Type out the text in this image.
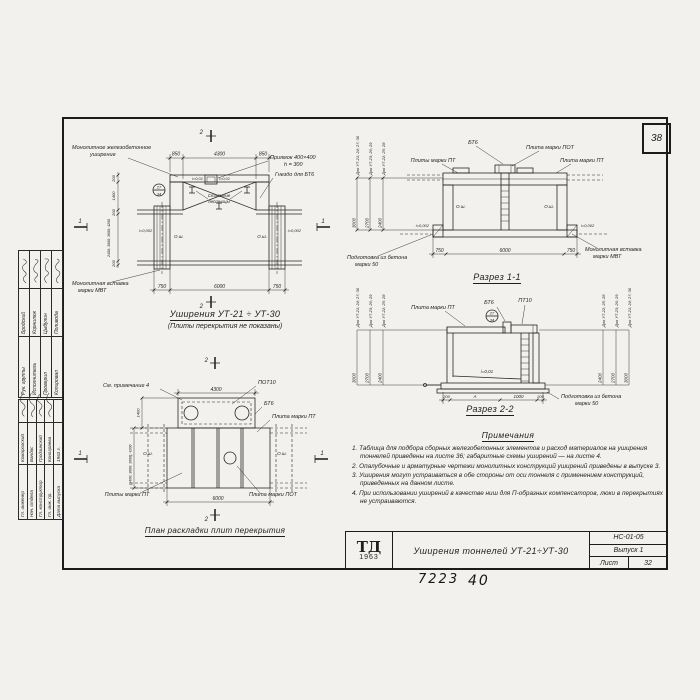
38
2
850	4300	850
i=0,01	i=0,01
О.ш.	О.ш.
i=0,002	i=0,002
750	6000	750
2
1	1
27
34
200
1400
200
2400; 3000; 3600; 4200
200
Монолитное железобетонное
уширение	Приямок 400×400
h = 300
Гнездо для БТ6
Стальные
лестницы
Монолитная вставка
марки МВТ
Уширения УТ-21 ÷ УТ-30
(Плиты перекрытия не показаны)
Для УТ-21; 24; 27; 30 Для УТ-23; 26; 29 Для УТ-22; 25; 28
3000 2700 2400
О.ш.	О.ш.
i=0,002	i=0,002
750	6000	750
БТ6
Плита марки ПОТ
Плиты марки ПТ	Плита марки ПТ
Подготовка из бетона
марки 50
Монолитная вставка
марки МВТ
Разрез 1-1
Для УТ-21; 24; 27; 30 Для УТ-23; 26; 29 Для УТ-22; 25; 28
3000 2700 2400
Для УТ-22; 25; 28 Для УТ-23; 26; 29 Для УТ-21; 24; 27; 30
2400 2700 3000
27
34
i=0,01
200	А	1000	200
Плита марки ПТ
БТ6	ПТ10
Подготовка из бетона
марки 50
Разрез 2-2
2
2
4300
О.ш.	О.ш.
1	1
6000
1400
(2400; 3000; 3600); 4200
См. примечание 4	ПОТ10
БТ6
Плита марки ПТ
Плиты марки ПТ	Плита марки ПОТ
План раскладки плит перекрытия
Примечания
1. Таблица для подбора сборных железобетонных элементов и расход материалов на уширения тоннелей приведены на листе 36; габаритные схемы уширений — на листе 4.
2. Опалубочные и арматурные чертежи монолитных конструкций уширений приведены в выпуске 3.
3. Уширения могут устраиваться в обе стороны от оси тоннеля с применением конструкций, приведенных на данном листе.
4. При использовании уширений в качестве ниш для П-образных компенсаторов, люки в перекрытиях не устраиваются.
ТД
1963
Уширения тоннелей УТ-21÷УТ-30
НС-01-05
Выпуск 1
Лист	32
7223 40
Рук. группы
Бродский
Исполнитель
Корнилюк
Проверил
Цыбулин
Копировал
Поливода
Гл. инженер
Комаровский
Нач. отдела
Бандас
Гл. конструктор
Гродзинский
Гл. инж. пр.
Конограева
Дата выпуска
1963 г.
